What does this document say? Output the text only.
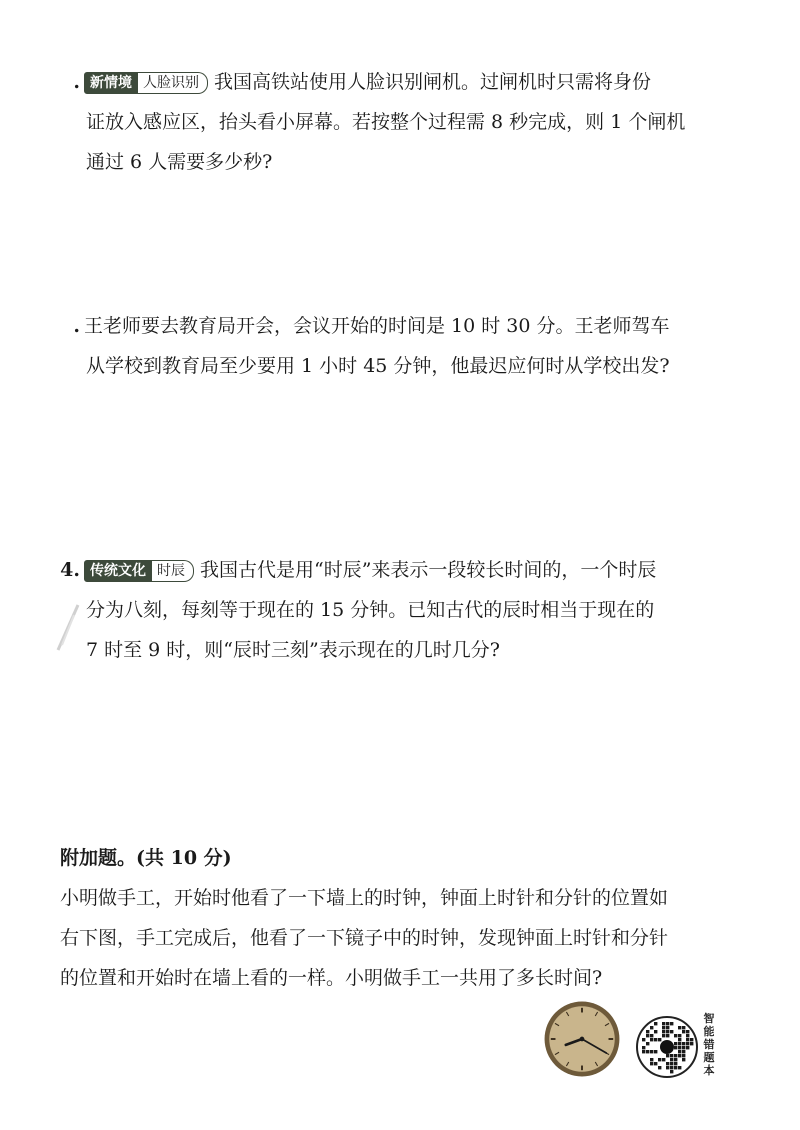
. 新情境 人脸识别 我国高铁站使用人脸识别闸机。过闸机时只需将身份
证放入感应区，抬头看小屏幕。若按整个过程需 8 秒完成，则 1 个闸机
通过 6 人需要多少秒?
. 王老师要去教育局开会，会议开始的时间是 10 时 30 分。王老师驾车
从学校到教育局至少要用 1 小时 45 分钟，他最迟应何时从学校出发?
4. 传统文化 时辰 我国古代是用“时辰”来表示一段较长时间的，一个时辰
分为八刻，每刻等于现在的 15 分钟。已知古代的辰时相当于现在的
7 时至 9 时，则“辰时三刻”表示现在的几时几分?
附加题。(共 10 分)
小明做手工，开始时他看了一下墙上的时钟，钟面上时针和分针的位置如
右下图，手工完成后，他看了一下镜子中的时钟，发现钟面上时针和分针
的位置和开始时在墙上看的一样。小明做手工一共用了多长时间?
智
能
错
题
本
